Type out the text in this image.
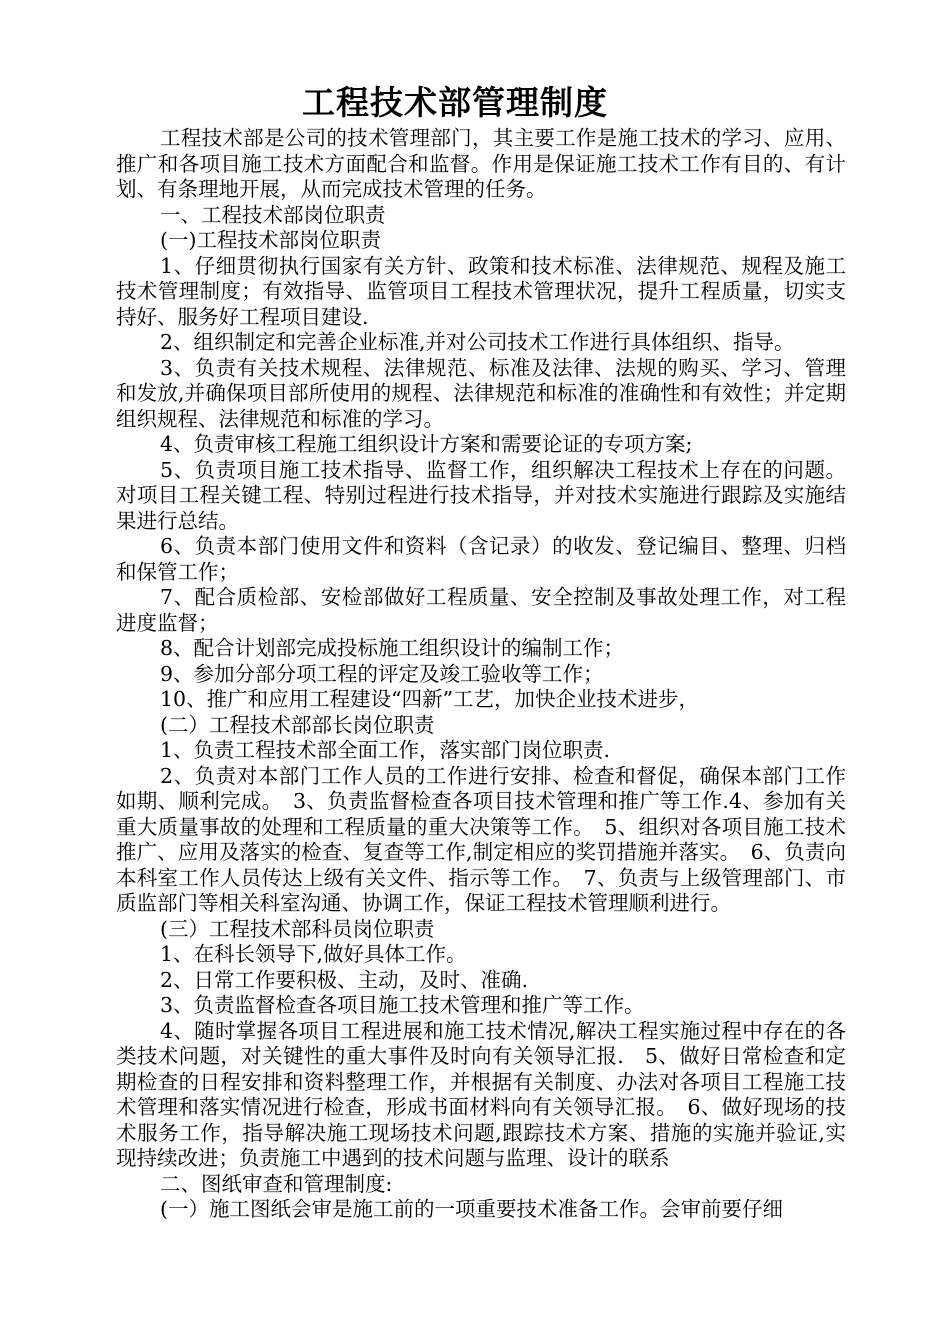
工程技术部管理制度

工程技术部是公司的技术管理部门，其主要工作是施工技术的学习、应用、推广和各项目施工技术方面配合和监督。作用是保证施工技术工作有目的、有计划、有条理地开展，从而完成技术管理的任务。

一、工程技术部岗位职责

(一)工程技术部岗位职责

1、仔细贯彻执行国家有关方针、政策和技术标准、法律规范、规程及施工技术管理制度；有效指导、监管项目工程技术管理状况，提升工程质量，切实支持好、服务好工程项目建设.

2、组织制定和完善企业标准,并对公司技术工作进行具体组织、指导。

3、负责有关技术规程、法律规范、标准及法律、法规的购买、学习、管理和发放,并确保项目部所使用的规程、法律规范和标准的准确性和有效性；并定期组织规程、法律规范和标准的学习。

4、负责审核工程施工组织设计方案和需要论证的专项方案;

5、负责项目施工技术指导、监督工作，组织解决工程技术上存在的问题。对项目工程关键工程、特别过程进行技术指导，并对技术实施进行跟踪及实施结果进行总结。

6、负责本部门使用文件和资料（含记录）的收发、登记编目、整理、归档和保管工作；

7、配合质检部、安检部做好工程质量、安全控制及事故处理工作，对工程进度监督；

8、配合计划部完成投标施工组织设计的编制工作；

9、参加分部分项工程的评定及竣工验收等工作；

10、推广和应用工程建设“四新”工艺，加快企业技术进步，

(二）工程技术部部长岗位职责

1、负责工程技术部全面工作，落实部门岗位职责.

2、负责对本部门工作人员的工作进行安排、检查和督促，确保本部门工作如期、顺利完成。　3、负责监督检查各项目技术管理和推广等工作.4、参加有关重大质量事故的处理和工程质量的重大决策等工作。　5、组织对各项目施工技术推广、应用及落实的检查、复查等工作,制定相应的奖罚措施并落实。　6、负责向本科室工作人员传达上级有关文件、指示等工作。　7、负责与上级管理部门、市质监部门等相关科室沟通、协调工作，保证工程技术管理顺利进行。

(三）工程技术部科员岗位职责

1、在科长领导下,做好具体工作。

2、日常工作要积极、主动，及时、准确.

3、负责监督检查各项目施工技术管理和推广等工作。

4、随时掌握各项目工程进展和施工技术情况,解决工程实施过程中存在的各类技术问题，对关键性的重大事件及时向有关领导汇报.　5、做好日常检查和定期检查的日程安排和资料整理工作，并根据有关制度、办法对各项目工程施工技术管理和落实情况进行检查，形成书面材料向有关领导汇报。　6、做好现场的技术服务工作，指导解决施工现场技术问题,跟踪技术方案、措施的实施并验证,实现持续改进；负责施工中遇到的技术问题与监理、设计的联系

二、图纸审查和管理制度:

(一）施工图纸会审是施工前的一项重要技术准备工作。会审前要仔细
